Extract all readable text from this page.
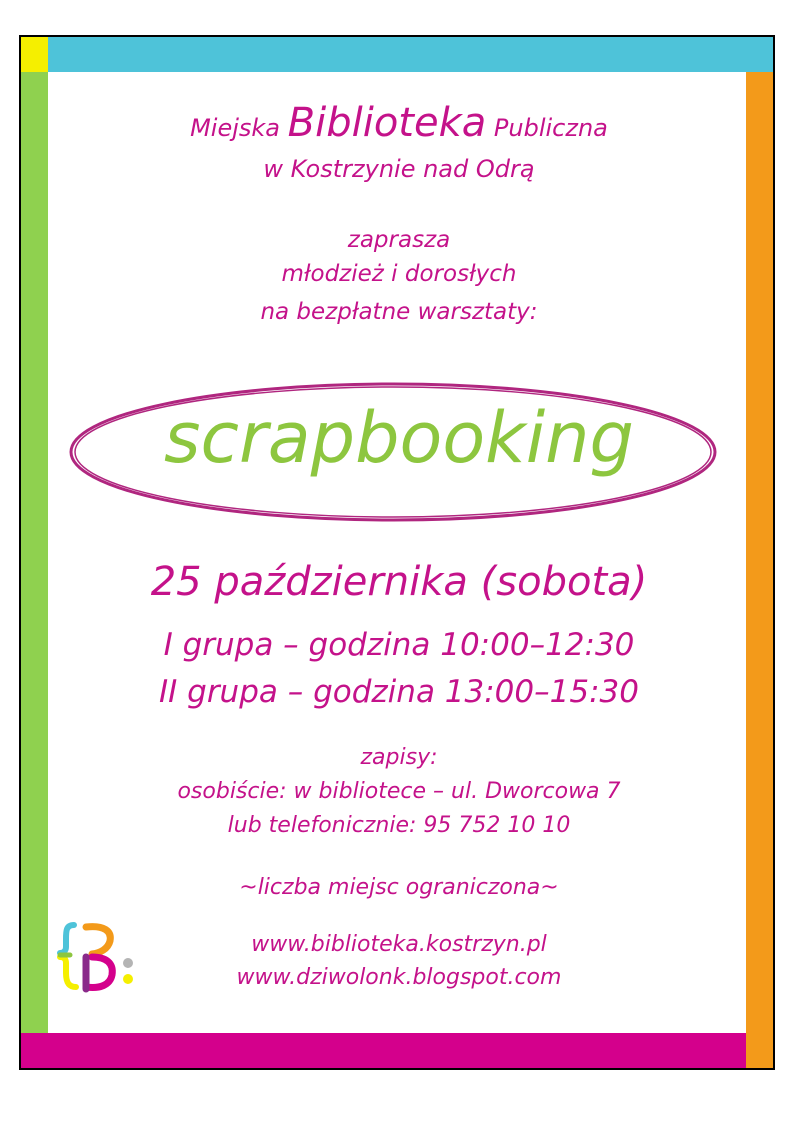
Miejska Biblioteka Publiczna
w Kostrzynie nad Odrą
zaprasza
młodzież i dorosłych
na bezpłatne warsztaty:
scrapbooking
25 października (sobota)
I grupa – godzina 10:00–12:30
II grupa – godzina 13:00–15:30
zapisy:
osobiście: w bibliotece – ul. Dworcowa 7
lub telefonicznie: 95 752 10 10
~liczba miejsc ograniczona~
www.biblioteka.kostrzyn.pl
www.dziwolonk.blogspot.com
